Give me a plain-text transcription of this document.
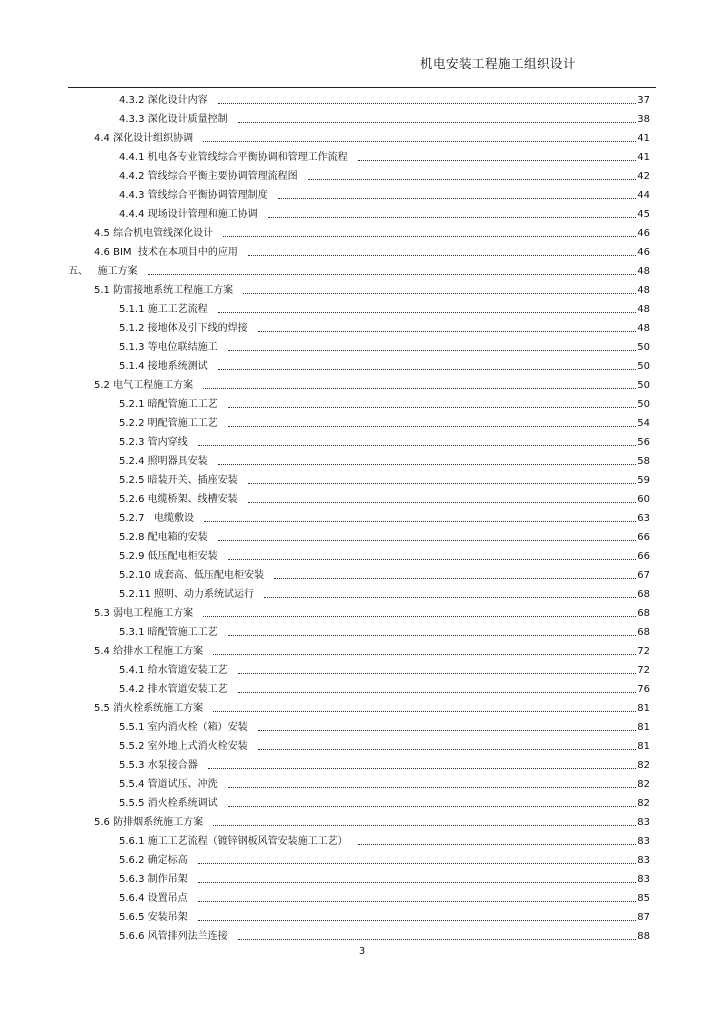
机电安装工程施工组织设计
4.3.2 深化设计内容	37
4.3.3 深化设计质量控制	38
4.4 深化设计组织协调	41
4.4.1 机电各专业管线综合平衡协调和管理工作流程	41
4.4.2 管线综合平衡主要协调管理流程图	42
4.4.3 管线综合平衡协调管理制度	44
4.4.4 现场设计管理和施工协调	45
4.5 综合机电管线深化设计	46
4.6 BIM  技术在本项目中的应用	46
五、   施工方案	48
5.1 防雷接地系统工程施工方案	48
5.1.1 施工工艺流程	48
5.1.2 接地体及引下线的焊接	48
5.1.3 等电位联结施工	50
5.1.4 接地系统测试	50
5.2 电气工程施工方案	50
5.2.1 暗配管施工工艺	50
5.2.2 明配管施工工艺	54
5.2.3 管内穿线	56
5.2.4 照明器具安装	58
5.2.5 暗装开关、插座安装	59
5.2.6 电缆桥架、线槽安装	60
5.2.7   电缆敷设	63
5.2.8 配电箱的安装	66
5.2.9 低压配电柜安装	66
5.2.10 成套高、低压配电柜安装	67
5.2.11 照明、动力系统试运行	68
5.3 弱电工程施工方案	68
5.3.1 暗配管施工工艺	68
5.4 给排水工程施工方案	72
5.4.1 给水管道安装工艺	72
5.4.2 排水管道安装工艺	76
5.5 消火栓系统施工方案	81
5.5.1 室内消火栓（箱）安装	81
5.5.2 室外地上式消火栓安装	81
5.5.3 水泵接合器	82
5.5.4 管道试压、冲洗	82
5.5.5 消火栓系统调试	82
5.6 防排烟系统施工方案	83
5.6.1 施工工艺流程（镀锌钢板风管安装施工工艺）	83
5.6.2 确定标高	83
5.6.3 制作吊架	83
5.6.4 设置吊点	85
5.6.5 安装吊架	87
5.6.6 风管排列法兰连接	88
3
